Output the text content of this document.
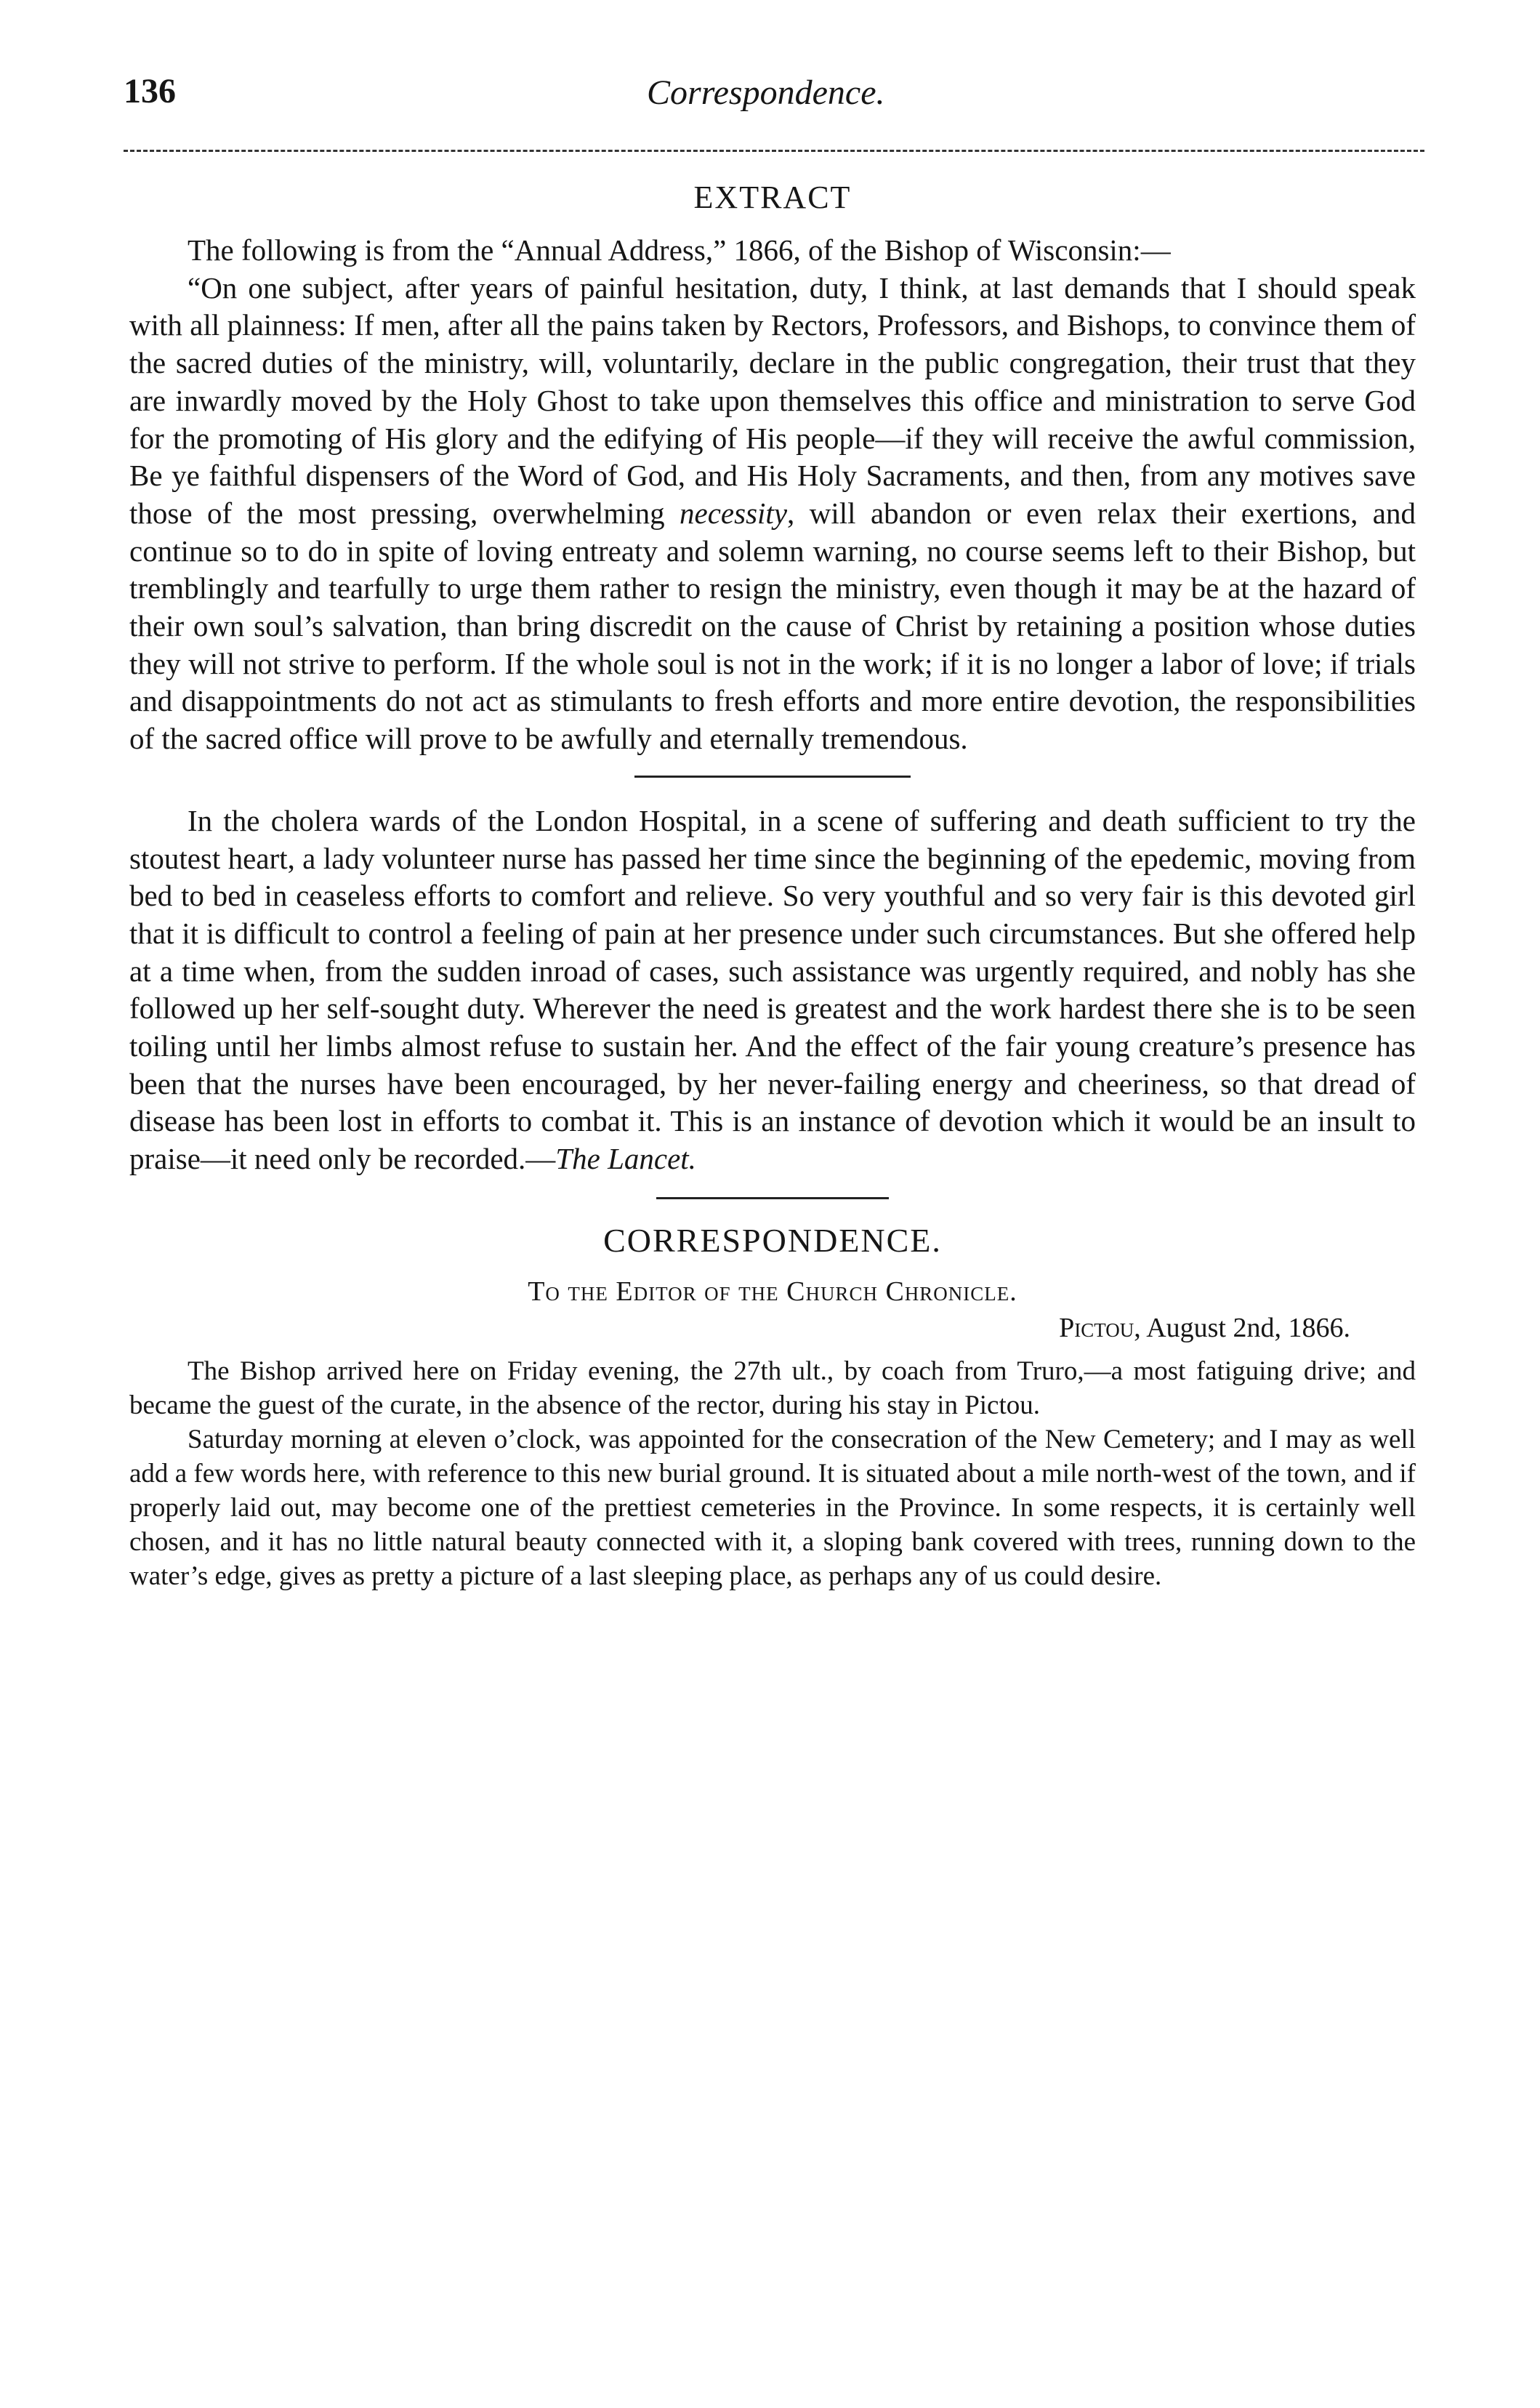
136	Correspondence.
EXTRACT

The following is from the “Annual Address,” 1866, of the Bishop of Wisconsin:—

“On one subject, after years of painful hesitation, duty, I think, at last demands that I should speak with all plainness: If men, after all the pains taken by Rectors, Professors, and Bishops, to convince them of the sacred duties of the ministry, will, voluntarily, declare in the public congregation, their trust that they are inwardly moved by the Holy Ghost to take upon themselves this office and ministration to serve God for the promoting of His glory and the edifying of His people—if they will receive the awful commission, Be ye faithful dispensers of the Word of God, and His Holy Sacraments, and then, from any motives save those of the most pressing, overwhelming necessity, will abandon or even relax their exertions, and continue so to do in spite of loving entreaty and solemn warning, no course seems left to their Bishop, but tremblingly and tearfully to urge them rather to resign the ministry, even though it may be at the hazard of their own soul’s salvation, than bring discredit on the cause of Christ by retaining a position whose duties they will not strive to perform. If the whole soul is not in the work; if it is no longer a labor of love; if trials and disappointments do not act as stimulants to fresh efforts and more entire devotion, the responsibilities of the sacred office will prove to be awfully and eternally tremendous.

In the cholera wards of the London Hospital, in a scene of suffering and death sufficient to try the stoutest heart, a lady volunteer nurse has passed her time since the beginning of the epedemic, moving from bed to bed in ceaseless efforts to comfort and relieve. So very youthful and so very fair is this devoted girl that it is difficult to control a feeling of pain at her presence under such circumstances. But she offered help at a time when, from the sudden inroad of cases, such assistance was urgently required, and nobly has she followed up her self-sought duty. Wherever the need is greatest and the work hardest there she is to be seen toiling until her limbs almost refuse to sustain her. And the effect of the fair young creature’s presence has been that the nurses have been encouraged, by her never-failing energy and cheeriness, so that dread of disease has been lost in efforts to combat it. This is an instance of devotion which it would be an insult to praise—it need only be recorded.—The Lancet.

CORRESPONDENCE.
To the Editor of the Church Chronicle.
Pictou, August 2nd, 1866.

The Bishop arrived here on Friday evening, the 27th ult., by coach from Truro,—a most fatiguing drive; and became the guest of the curate, in the absence of the rector, during his stay in Pictou.

Saturday morning at eleven o’clock, was appointed for the consecration of the New Cemetery; and I may as well add a few words here, with reference to this new burial ground. It is situated about a mile north-west of the town, and if properly laid out, may become one of the prettiest cemeteries in the Province. In some respects, it is certainly well chosen, and it has no little natural beauty connected with it, a sloping bank covered with trees, running down to the water’s edge, gives as pretty a picture of a last sleeping place, as perhaps any of us could desire.
